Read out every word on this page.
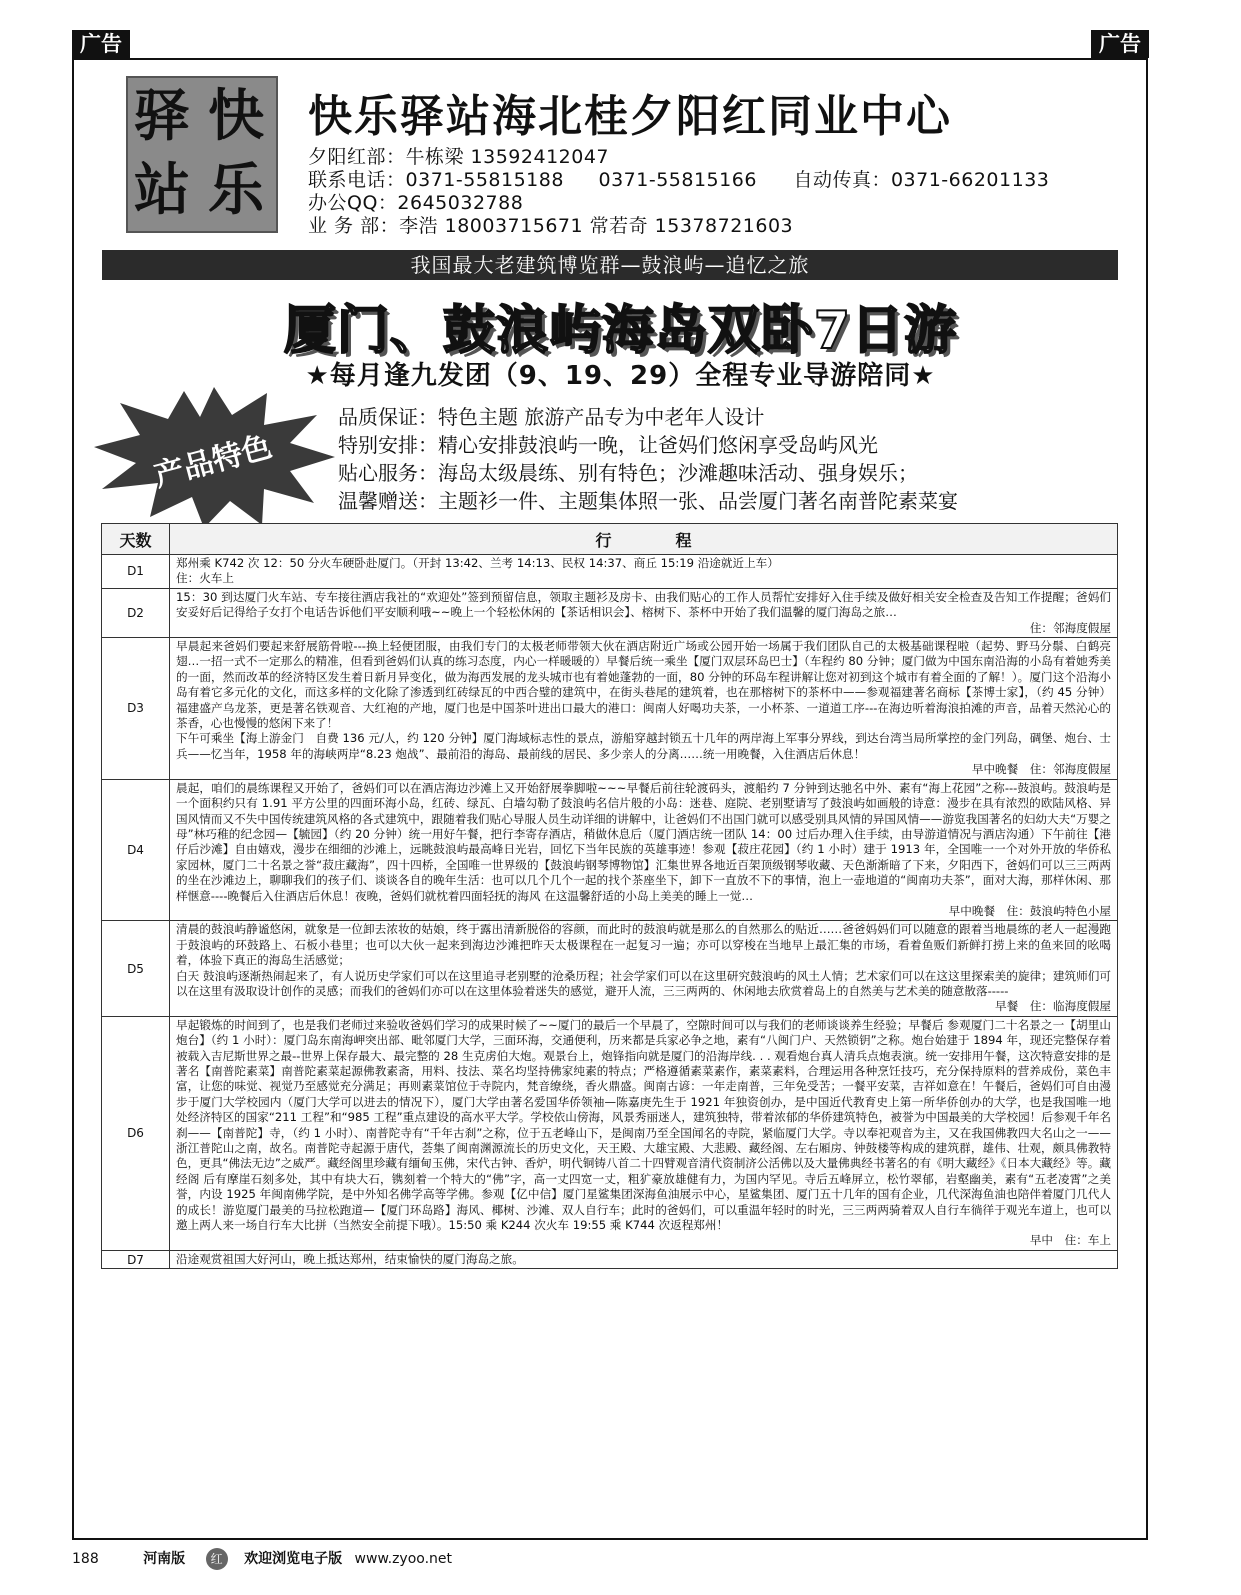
广告	广告
驿 快
站 乐
快乐驿站海北桂夕阳红同业中心
夕阳红部：牛栋梁 13592412047
联系电话：0371-55815188 0371-55815166 自动传真：0371-66201133
办公QQ：2645032788
业 务 部：李浩 18003715671 常若奇 15378721603
我国最大老建筑博览群—鼓浪屿—追忆之旅
厦门、鼓浪屿海岛双卧7日游
★每月逢九发团（9、19、29）全程专业导游陪同★
产品特色
品质保证：特色主题 旅游产品专为中老年人设计
特别安排：精心安排鼓浪屿一晚，让爸妈们悠闲享受岛屿风光
贴心服务：海岛太级晨练、别有特色；沙滩趣味活动、强身娱乐；
温馨赠送：主题衫一件、主题集体照一张、品尝厦门著名南普陀素菜宴
天数	行　　　　程
D1	郑州乘 K742 次 12：50 分火车硬卧赴厦门。（开封 13:42、兰考 14:13、民权 14:37、商丘 15:19 沿途就近上车）

住：火车上

D2	15：30 到达厦门火车站、专车接往酒店我社的“欢迎处”签到预留信息，领取主题衫及房卡、由我们贴心的工作人员帮忙安排好入住手续及做好相关安全检查及告知工作提醒；爸妈们安妥好后记得给子女打个电话告诉他们平安顺利哦~~晚上一个轻松休闲的【茶话相识会】、榕树下、茶杯中开始了我们温馨的厦门海岛之旅…

住：邻海度假屋

D3	早晨起来爸妈们要起来舒展筋骨啦---换上轻便团服，由我们专门的太极老师带领大伙在酒店附近广场或公园开始一场属于我们团队自己的太极基础课程啦（起势、野马分鬃、白鹤亮翅…一招一式不一定那么的精准，但看到爸妈们认真的练习态度，内心一样暖暖的）早餐后统一乘坐【厦门双层环岛巴士】（车程约 80 分钟；厦门做为中国东南沿海的小岛有着她秀美的一面，然而改革的经济特区发生着日新月异变化，做为海西发展的龙头城市也有着她蓬勃的一面，80 分钟的环岛车程讲解让您对初到这个城市有着全面的了解！）。厦门这个沿海小岛有着它多元化的文化，而这多样的文化除了渗透到红砖绿瓦的中西合璧的建筑中，在街头巷尾的建筑着，也在那榕树下的茶杯中——参观福建著名商标【茶博士家】，（约 45 分钟）福建盛产乌龙茶，更是著名铁观音、大红袍的产地，厦门也是中国茶叶进出口最大的港口：闽南人好喝功夫茶，一小杯茶、一道道工序---在海边听着海浪拍滩的声音，品着天然沁心的茶香，心也慢慢的悠闲下来了！

下午可乘坐【海上游金门　自费 136 元/人，约 120 分钟】厦门海域标志性的景点，游船穿越封锁五十几年的两岸海上军事分界线，到达台湾当局所掌控的金门列岛，碉堡、炮台、士兵——忆当年，1958 年的海峡两岸“8.23 炮战”、最前沿的海岛、最前线的居民、多少亲人的分离……统一用晚餐，入住酒店后休息！

早中晚餐　住：邻海度假屋

D4	晨起，咱们的晨练课程又开始了，爸妈们可以在酒店海边沙滩上又开始舒展拳脚啦~~~早餐后前往轮渡码头，渡船约 7 分钟到达驰名中外、素有“海上花园”之称---鼓浪屿。鼓浪屿是一个面积约只有 1.91 平方公里的四面环海小岛，红砖、绿瓦、白墙勾勒了鼓浪屿名信片般的小岛：迷巷、庭院、老别墅请写了鼓浪屿如画般的诗意：漫步在具有浓烈的欧陆风格、异国风情而又不失中国传统建筑风格的各式建筑中，跟随着我们贴心导服人员生动详细的讲解中，让爸妈们不出国门就可以感受别具风情的异国风情——游览我国著名的妇幼大夫“万婴之母”林巧稚的纪念园—【毓园】（约 20 分钟）统一用好午餐，把行李寄存酒店，稍做休息后（厦门酒店统一团队 14：00 过后办理入住手续，由导游道情况与酒店沟通）下午前往【港仔后沙滩】自由嬉戏，漫步在细细的沙滩上，远眺鼓浪屿最高峰日光岩，回忆下当年民族的英雄事迹！参观【菽庄花园】（约 1 小时）建于 1913 年，全国唯一一个对外开放的华侨私家园林，厦门二十名景之誉“菽庄藏海”，四十四桥，全国唯一世界级的【鼓浪屿钢琴博物馆】汇集世界各地近百架顶级钢琴收藏、天色渐渐暗了下来，夕阳西下，爸妈们可以三三两两的坐在沙滩边上，聊聊我们的孩子们、谈谈各自的晚年生活：也可以几个几个一起的找个茶座坐下，卸下一直放不下的事情，泡上一壶地道的“闽南功夫茶”，面对大海，那样休闲、那样惬意----晚餐后入住酒店后休息！夜晚，爸妈们就枕着四面轻抚的海风 在这温馨舒适的小岛上美美的睡上一觉…

早中晚餐　住：鼓浪屿特色小屋

D5	清晨的鼓浪屿静谧悠闲，就象是一位卸去浓妆的姑娘，终于露出清新脱俗的容颜，而此时的鼓浪屿就是那么的自然那么的贴近……爸爸妈妈们可以随意的跟着当地晨练的老人一起漫跑于鼓浪屿的环鼓路上、石板小巷里；也可以大伙一起来到海边沙滩把昨天太极课程在一起复习一遍；亦可以穿梭在当地早上最汇集的市场，看着鱼贩们新鲜打捞上来的鱼来回的吆喝着，体验下真正的海岛生活感觉；

白天 鼓浪屿逐渐热闹起来了，有人说历史学家们可以在这里追寻老别墅的沧桑历程；社会学家们可以在这里研究鼓浪屿的风土人情；艺术家们可以在这这里探索美的旋律；建筑师们可以在这里有汲取设计创作的灵感；而我们的爸妈们亦可以在这里体验着迷失的感觉，避开人流，三三两两的、休闲地去欣赏着岛上的自然美与艺术美的随意散落-----

早餐　住：临海度假屋

D6	早起锻炼的时间到了，也是我们老师过来验收爸妈们学习的成果时候了~~厦门的最后一个早晨了，空隙时间可以与我们的老师谈谈养生经验；早餐后 参观厦门二十名景之一【胡里山炮台】（约 1 小时）：厦门岛东南海岬突出部、毗邻厦门大学，三面环海，交通便利，历来都是兵家必争之地，素有“八闽门户、天然锁钥”之称。炮台始建于 1894 年，现还完整保存着被载入吉尼斯世界之最--世界上保存最大、最完整的 28 生克虏伯大炮。观景台上，炮锋指向就是厦门的沿海岸线. . . 观看炮台真人清兵点炮表演。统一安排用午餐，这次特意安排的是著名【南普陀素菜】南普陀素菜起源佛教素斋，用料、技法、菜名均坚持佛家纯素的特点；严格遵循素菜素作，素菜素料，合理运用各种烹饪技巧，充分保持原料的营养成份，菜色丰富，让您的味觉、视觉乃至感觉充分满足；再则素菜馆位于寺院内，梵音缭绕，香火鼎盛。闽南古谚：一年走南普，三年免受苦；一餐平安菜，吉祥如意在！午餐后，爸妈们可自由漫步于厦门大学校园内（厦门大学可以进去的情况下），厦门大学由著名爱国华侨领袖—陈嘉庚先生于 1921 年独资创办，是中国近代教育史上第一所华侨创办的大学，也是我国唯一地处经济特区的国家“211 工程”和“985 工程”重点建设的高水平大学。学校依山傍海，风景秀丽迷人，建筑独特，带着浓郁的华侨建筑特色，被誉为中国最美的大学校园！后参观千年名刹——【南普陀】寺，（约 1 小时）、南普陀寺有“千年古刹”之称，位于五老峰山下，是闽南乃至全国闻名的寺院，紧临厦门大学。寺以奉祀观音为主，又在我国佛教四大名山之一——浙江普陀山之南，故名。南普陀寺起源于唐代，荟集了闽南渊源流长的历史文化，天王殿、大雄宝殿、大悲殿、藏经阁、左右厢房、钟鼓楼等构成的建筑群，雄伟、壮观，颇具佛教特色，更具“佛法无边”之威严。藏经阁里珍藏有缅甸玉佛，宋代古钟、香炉，明代铜铸八首二十四臂观音清代资制济公活佛以及大量佛典经书著名的有《明大藏经》《日本大藏经》等。藏经阁 后有摩崖石刻多处，其中有块大石，镌刻着一个特大的“佛”字，高一丈四宽一丈，粗犷豪放雄健有力，为国内罕见。寺后五峰屏立，松竹翠郁，岩壑幽美，素有“五老凌霄”之美誉，内设 1925 年闽南佛学院，是中外知名佛学高等学佛。参观【亿中信】厦门星鲨集团深海鱼油展示中心，星鲨集团、厦门五十几年的国有企业，几代深海鱼油也陪伴着厦门几代人的成长！游览厦门最美的马拉松跑道—【厦门环岛路】海风、椰树、沙滩、双人自行车；此时的爸妈们，可以重温年轻时的时光，三三两两骑着双人自行车徜徉于观光车道上，也可以邀上两人来一场自行车大比拼（当然安全前提下哦）。15:50 乘 K244 次火车 19:55 乘 K744 次返程郑州！

早中　住：车上

D7	沿途观赏祖国大好河山，晚上抵达郑州，结束愉快的厦门海岛之旅。

188	河南版 红 欢迎浏览电子版 www.zyoo.net
